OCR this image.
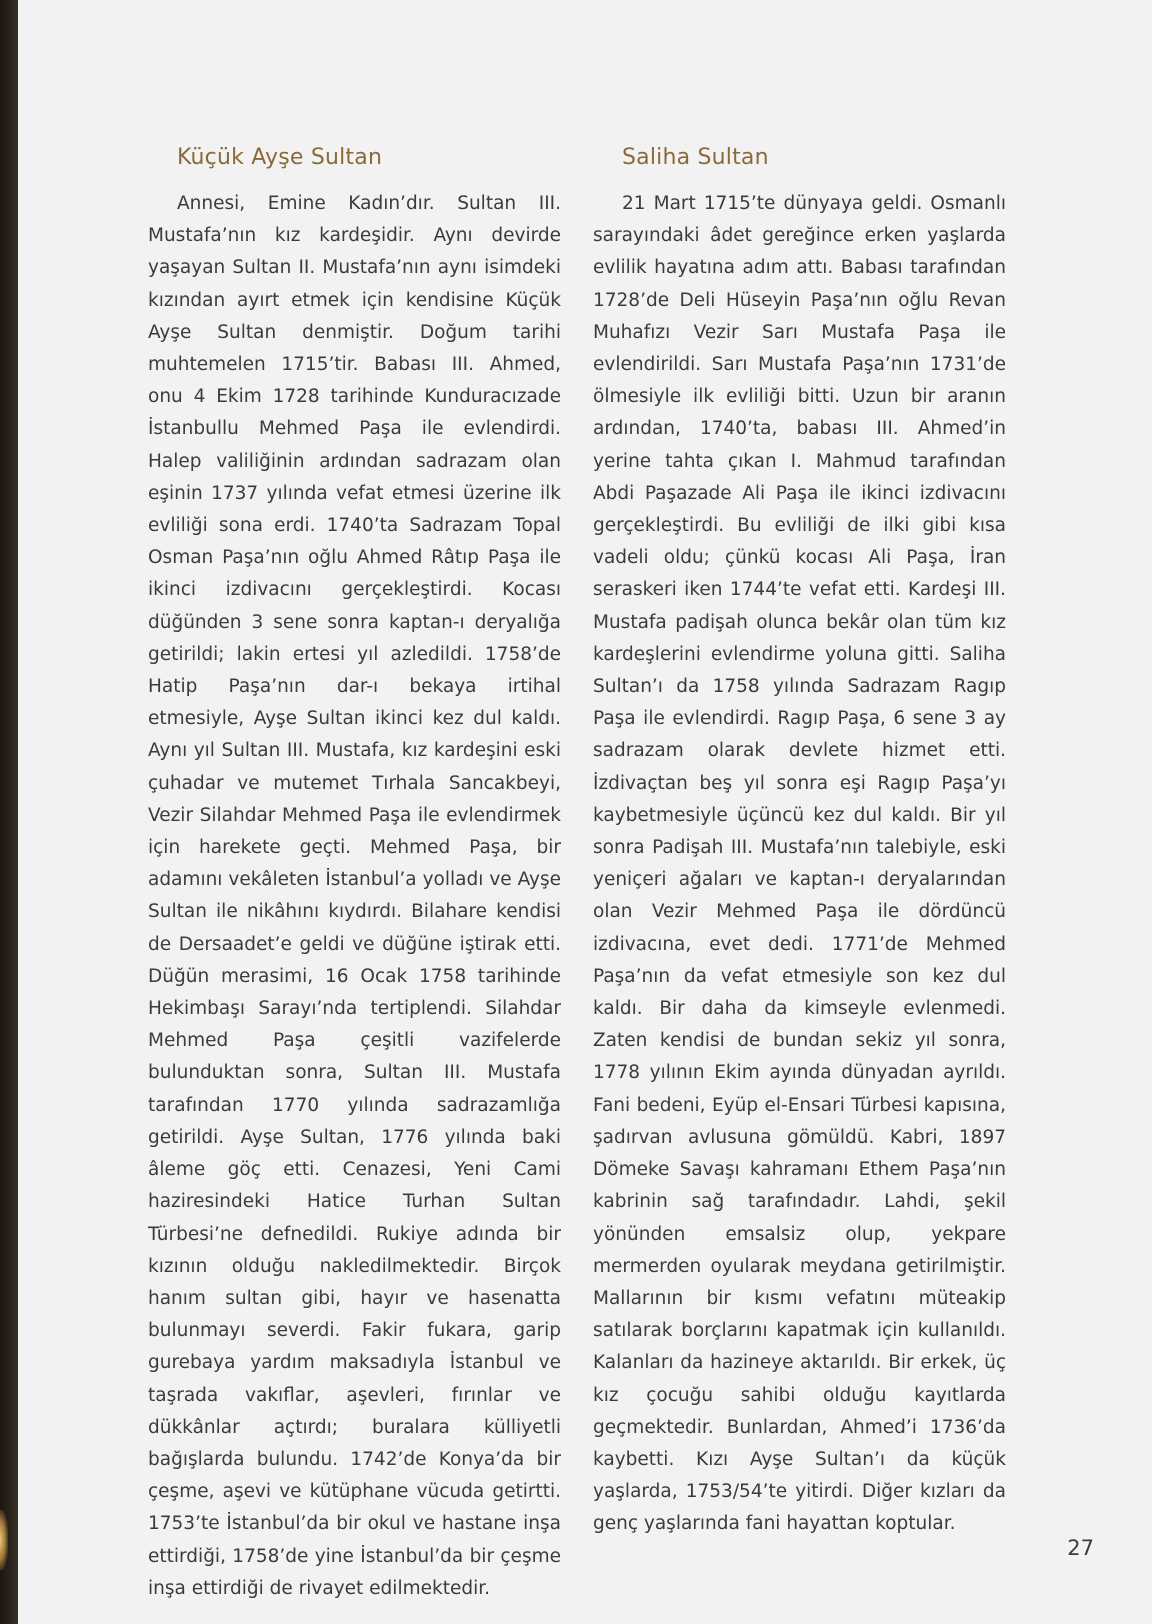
Küçük Ayşe Sultan

Annesi, Emine Kadın’dır. Sultan III. Mustafa’nın kız kardeşidir. Aynı devirde yaşayan Sultan II. Mustafa’nın aynı isimdeki kızından ayırt etmek için kendisine Küçük Ayşe Sultan denmiştir. Doğum tarihi muhtemelen 1715’tir. Babası III. Ahmed, onu 4 Ekim 1728 tarihinde Kunduracızade İstanbullu Mehmed Paşa ile evlendirdi. Halep valiliğinin ardından sadrazam olan eşinin 1737 yılında vefat etmesi üzerine ilk evliliği sona erdi. 1740’ta Sadrazam Topal Osman Paşa’nın oğlu Ahmed Râtıp Paşa ile ikinci izdivacını gerçekleştirdi. Kocası düğünden 3 sene sonra kaptan-ı deryalığa getirildi; lakin ertesi yıl azledildi. 1758’de Hatip Paşa’nın dar-ı bekaya irtihal etmesiyle, Ayşe Sultan ikinci kez dul kaldı. Aynı yıl Sultan III. Mustafa, kız kardeşini eski çuhadar ve mutemet Tırhala Sancakbeyi, Vezir Silahdar Mehmed Paşa ile evlendirmek için harekete geçti. Mehmed Paşa, bir adamını vekâleten İstanbul’a yolladı ve Ayşe Sultan ile nikâhını kıydırdı. Bilahare kendisi de Dersaadet’e geldi ve düğüne iştirak etti. Düğün merasimi, 16 Ocak 1758 tarihinde Hekimbaşı Sarayı’nda tertiplendi. Silahdar Mehmed Paşa çeşitli vazifelerde bulunduktan sonra, Sultan III. Mustafa tarafından 1770 yılında sadrazamlığa getirildi. Ayşe Sultan, 1776 yılında baki âleme göç etti. Cenazesi, Yeni Cami haziresindeki Hatice Turhan Sultan Türbesi’ne defnedildi. Rukiye adında bir kızının olduğu nakledilmektedir. Birçok hanım sultan gibi, hayır ve hasenatta bulunmayı severdi. Fakir fukara, garip gurebaya yardım maksadıyla İstanbul ve taşrada vakıflar, aşevleri, fırınlar ve dükkânlar açtırdı; buralara külliyetli bağışlarda bulundu. 1742’de Konya’da bir çeşme, aşevi ve kütüphane vücuda getirtti. 1753’te İstanbul’da bir okul ve hastane inşa ettirdiği, 1758’de yine İstanbul’da bir çeşme inşa ettirdiği de rivayet edilmektedir.

Saliha Sultan

21 Mart 1715’te dünyaya geldi. Osmanlı sarayındaki âdet gereğince erken yaşlarda evlilik hayatına adım attı. Babası tarafından 1728’de Deli Hüseyin Paşa’nın oğlu Revan Muhafızı Vezir Sarı Mustafa Paşa ile evlendirildi. Sarı Mustafa Paşa’nın 1731’de ölmesiyle ilk evliliği bitti. Uzun bir aranın ardından, 1740’ta, babası III. Ahmed’in yerine tahta çıkan I. Mahmud tarafından Abdi Paşazade Ali Paşa ile ikinci izdivacını gerçekleştirdi. Bu evliliği de ilki gibi kısa vadeli oldu; çünkü kocası Ali Paşa, İran seraskeri iken 1744’te vefat etti. Kardeşi III. Mustafa padişah olunca bekâr olan tüm kız kardeşlerini evlendirme yoluna gitti. Saliha Sultan’ı da 1758 yılında Sadrazam Ragıp Paşa ile evlendirdi. Ragıp Paşa, 6 sene 3 ay sadrazam olarak devlete hizmet etti. İzdivaçtan beş yıl sonra eşi Ragıp Paşa’yı kaybetmesiyle üçüncü kez dul kaldı. Bir yıl sonra Padişah III. Mustafa’nın talebiyle, eski yeniçeri ağaları ve kaptan-ı deryalarından olan Vezir Mehmed Paşa ile dördüncü izdivacına, evet dedi. 1771’de Mehmed Paşa’nın da vefat etmesiyle son kez dul kaldı. Bir daha da kimseyle evlenmedi. Zaten kendisi de bundan sekiz yıl sonra, 1778 yılının Ekim ayında dünyadan ayrıldı. Fani bedeni, Eyüp el-Ensari Türbesi kapısına, şadırvan avlusuna gömüldü. Kabri, 1897 Dömeke Savaşı kahramanı Ethem Paşa’nın kabrinin sağ tarafındadır. Lahdi, şekil yönünden emsalsiz olup, yekpare mermerden oyularak meydana getirilmiştir. Mallarının bir kısmı vefatını müteakip satılarak borçlarını kapatmak için kullanıldı. Kalanları da hazineye aktarıldı. Bir erkek, üç kız çocuğu sahibi olduğu kayıtlarda geçmektedir. Bunlardan, Ahmed’i 1736’da kaybetti. Kızı Ayşe Sultan’ı da küçük yaşlarda, 1753/54’te yitirdi. Diğer kızları da genç yaşlarında fani hayattan koptular.

27
